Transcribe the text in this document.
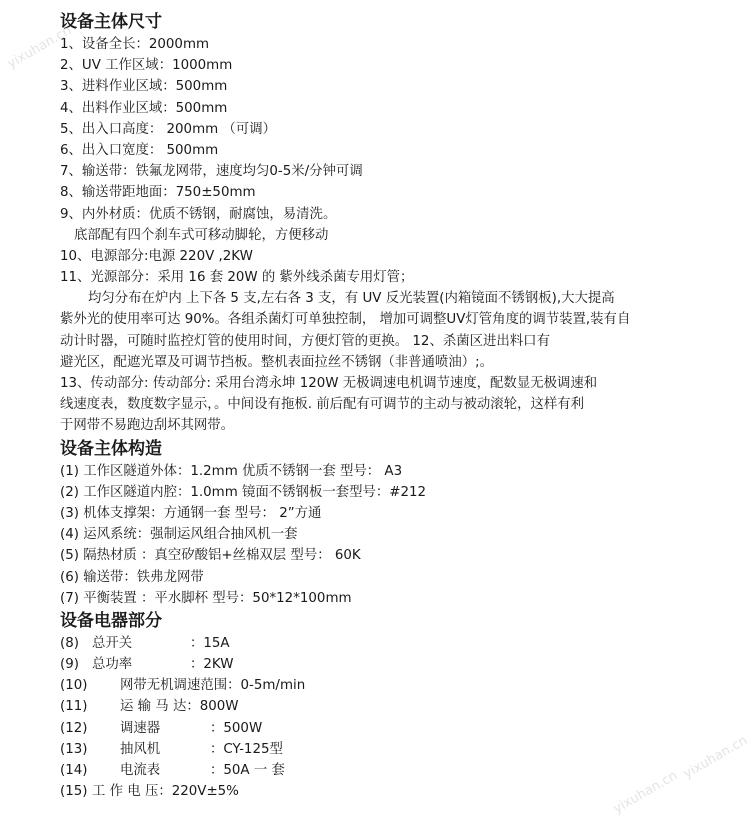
设备主体尺寸
1、设备全长：2000mm
2、UV 工作区域：1000mm
3、进料作业区域：500mm
4、出料作业区域：500mm
5、出入口高度： 200mm （可调）
6、出入口宽度： 500mm
7、输送带：铁氟龙网带，速度均匀0-5米/分钟可调
8、输送带距地面：750±50mm
9、内外材质：优质不锈钢，耐腐蚀，易清洗。
底部配有四个刹车式可移动脚轮，方便移动
10、电源部分:电源 220V ,2KW
11、光源部分：采用 16 套 20W 的 紫外线杀菌专用灯管；
均匀分布在炉内 上下各 5 支,左右各 3 支，有 UV 反光装置(内箱镜面不锈钢板),大大提高
紫外光的使用率可达 90%。各组杀菌灯可单独控制， 增加可调整UV灯管角度的调节装置,装有自
动计时器，可随时监控灯管的使用时间，方便灯管的更换。 12、杀菌区进出料口有
避光区，配遮光罩及可调节挡板。整机表面拉丝不锈钢（非普通喷油）;。
13、传动部分: 传动部分: 采用台湾永坤 120W 无极调速电机调节速度，配数显无极调速和
线速度表，数度数字显示，。中间设有拖板. 前后配有可调节的主动与被动滚轮，这样有利
于网带不易跑边刮坏其网带。
设备主体构造
(1) 工作区隧道外体：1.2mm 优质不锈钢一套 型号： A3
(2) 工作区隧道内腔：1.0mm 镜面不锈钢板一套型号：#212
(3) 机体支撑架：方通钢一套 型号： 2”方通
(4) 运风系统：强制运风组合抽风机一套
(5) 隔热材质 ：真空矽酸铝+丝棉双层 型号： 60K
(6) 输送带：铁弗龙网带
(7) 平衡装置 ：平水脚杯 型号：50*12*100mm
设备电器部分
(8) 总开关	：15A
(9) 总功率	：2KW
(10) 网带无机调速范围：0-5m/min
(11) 运 输 马 达：800W
(12) 调速器	：500W
(13) 抽风机	：CY-125型
(14) 电流表	：50A 一 套
(15) 工 作 电 压：220V±5%
yixuhan.cn
yixuhan.cn
yixuhan.cn
